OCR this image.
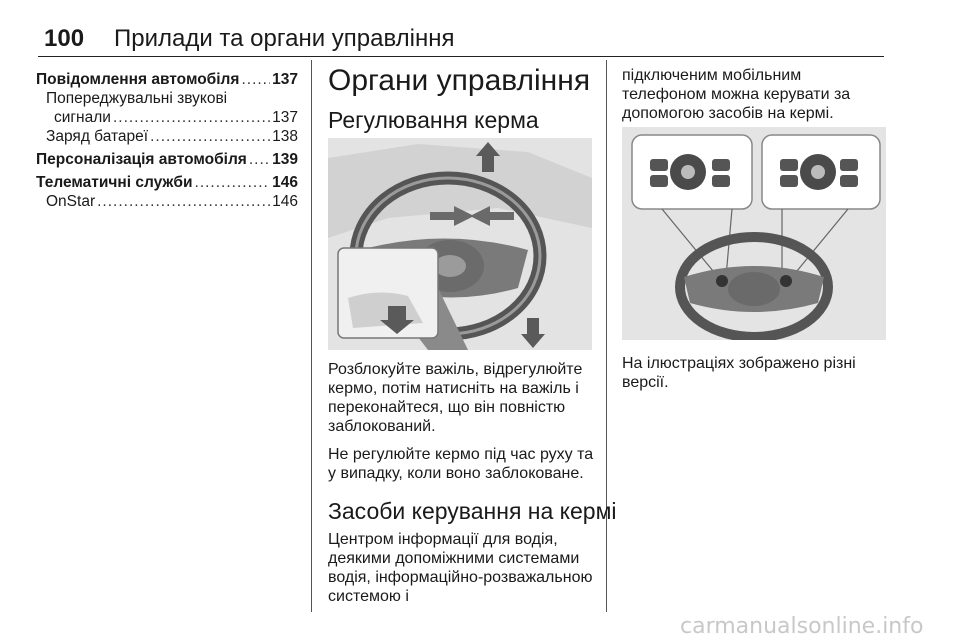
100 Прилади та органи управління
Повідомлення автомобіля ..... 137
Попереджувальні звукові
сигнали .....	137
Заряд батареї .....	138
Персоналізація автомобіля ..... 139
Телематичні служби .....	146
OnStar .....	146
Органи управління
Регулювання керма
Розблокуйте важіль, відрегулюйте кермо, потім натисніть на важіль і переконайтеся, що він повністю заблокований.
Не регулюйте кермо під час руху та у випадку, коли воно заблоковане.
Засоби керування на кермі
Центром інформації для водія, деякими допоміжними системами водія, інформаційно-розважальною системою і
підключеним мобільним телефоном можна керувати за допомогою засобів на кермі.
На ілюстраціях зображено різні версії.
carmanualsonline.info
